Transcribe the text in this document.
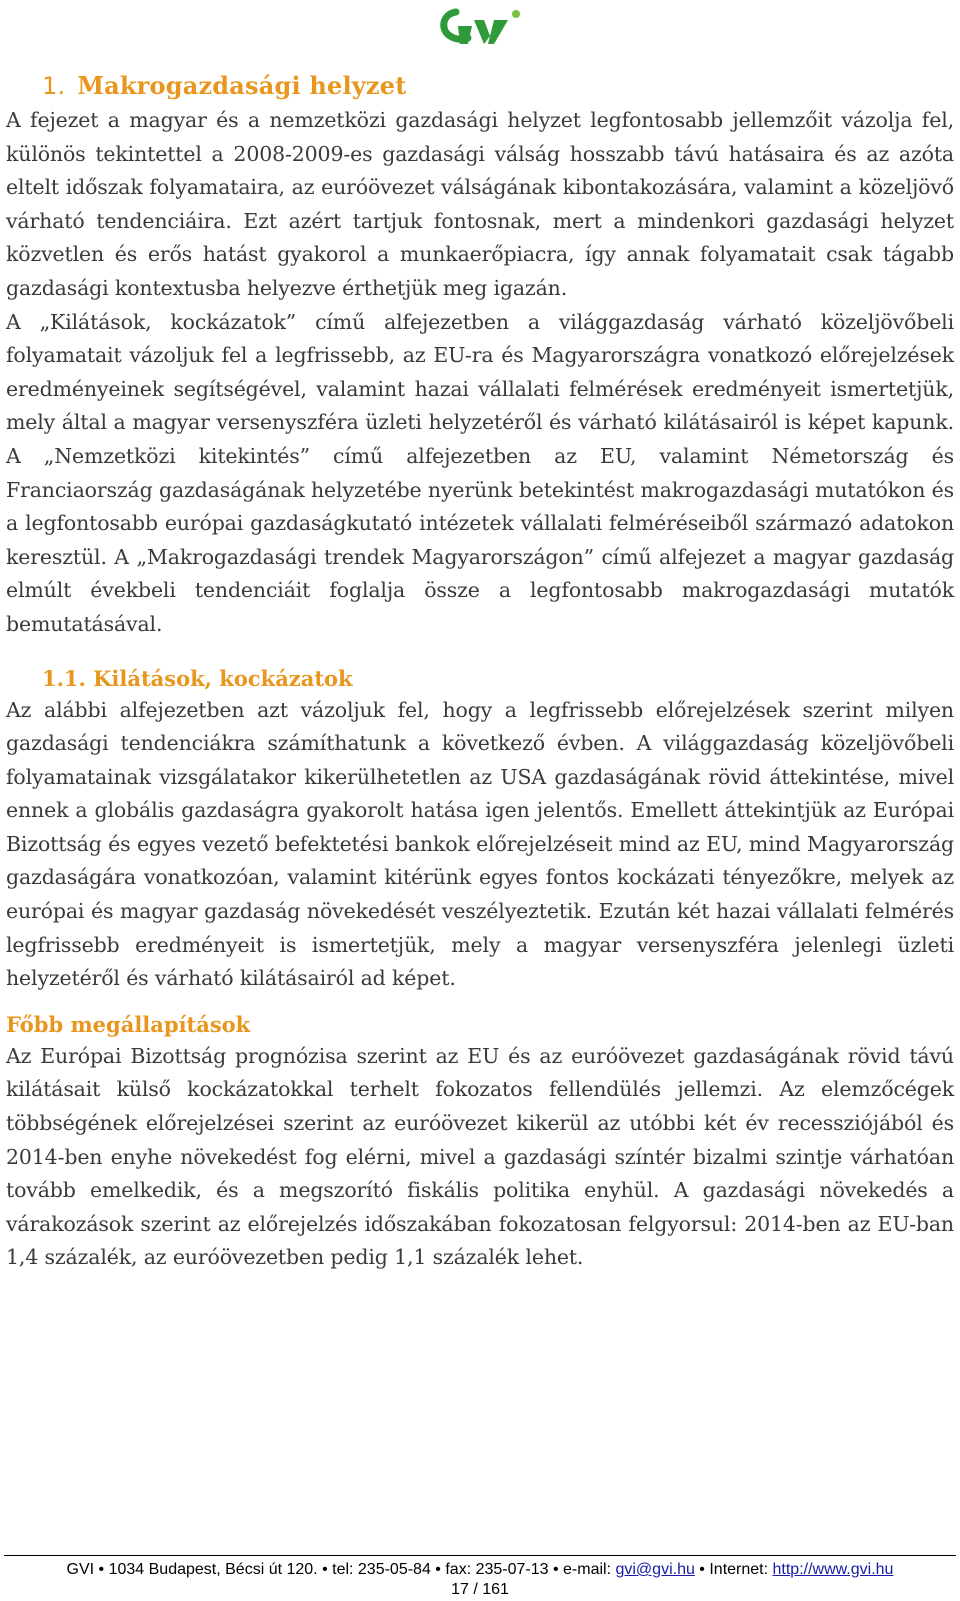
1. Makrogazdasági helyzet

A fejezet a magyar és a nemzetközi gazdasági helyzet legfontosabb jellemzőit vázolja fel, különös tekintettel a 2008-2009-es gazdasági válság hosszabb távú hatásaira és az azóta eltelt időszak folyamataira, az euróövezet válságának kibontakozására, valamint a közeljövő várható tendenciáira. Ezt azért tartjuk fontosnak, mert a mindenkori gazdasági helyzet közvetlen és erős hatást gyakorol a munkaerőpiacra, így annak folyamatait csak tágabb gazdasági kontextusba helyezve érthetjük meg igazán.

A „Kilátások, kockázatok” című alfejezetben a világgazdaság várható közeljövőbeli folyamatait vázoljuk fel a legfrissebb, az EU-ra és Magyarországra vonatkozó előrejelzések eredményeinek segítségével, valamint hazai vállalati felmérések eredményeit ismertetjük, mely által a magyar versenyszféra üzleti helyzetéről és várható kilátásairól is képet kapunk. A „Nemzetközi kitekintés” című alfejezetben az EU, valamint Németország és Franciaország gazdaságának helyzetébe nyerünk betekintést makrogazdasági mutatókon és a legfontosabb európai gazdaságkutató intézetek vállalati felméréseiből származó adatokon keresztül. A „Makrogazdasági trendek Magyarországon” című alfejezet a magyar gazdaság elmúlt évekbeli tendenciáit foglalja össze a legfontosabb makrogazdasági mutatók bemutatásával.

1.1. Kilátások, kockázatok

Az alábbi alfejezetben azt vázoljuk fel, hogy a legfrissebb előrejelzések szerint milyen gazdasági tendenciákra számíthatunk a következő évben. A világgazdaság közeljövőbeli folyamatainak vizsgálatakor kikerülhetetlen az USA gazdaságának rövid áttekintése, mivel ennek a globális gazdaságra gyakorolt hatása igen jelentős. Emellett áttekintjük az Európai Bizottság és egyes vezető befektetési bankok előrejelzéseit mind az EU, mind Magyarország gazdaságára vonatkozóan, valamint kitérünk egyes fontos kockázati tényezőkre, melyek az európai és magyar gazdaság növekedését veszélyeztetik. Ezután két hazai vállalati felmérés legfrissebb eredményeit is ismertetjük, mely a magyar versenyszféra jelenlegi üzleti helyzetéről és várható kilátásairól ad képet.

Főbb megállapítások

Az Európai Bizottság prognózisa szerint az EU és az euróövezet gazdaságának rövid távú kilátásait külső kockázatokkal terhelt fokozatos fellendülés jellemzi. Az elemzőcégek többségének előrejelzései szerint az euróövezet kikerül az utóbbi két év recessziójából és 2014-ben enyhe növekedést fog elérni, mivel a gazdasági színtér bizalmi szintje várhatóan tovább emelkedik, és a megszorító fiskális politika enyhül. A gazdasági növekedés a várakozások szerint az előrejelzés időszakában fokozatosan felgyorsul: 2014-ben az EU-ban 1,4 százalék, az euróövezetben pedig 1,1 százalék lehet.

GVI • 1034 Budapest, Bécsi út 120. • tel: 235-05-84 • fax: 235-07-13 • e-mail: gvi@gvi.hu • Internet: http://www.gvi.hu
17 / 161
